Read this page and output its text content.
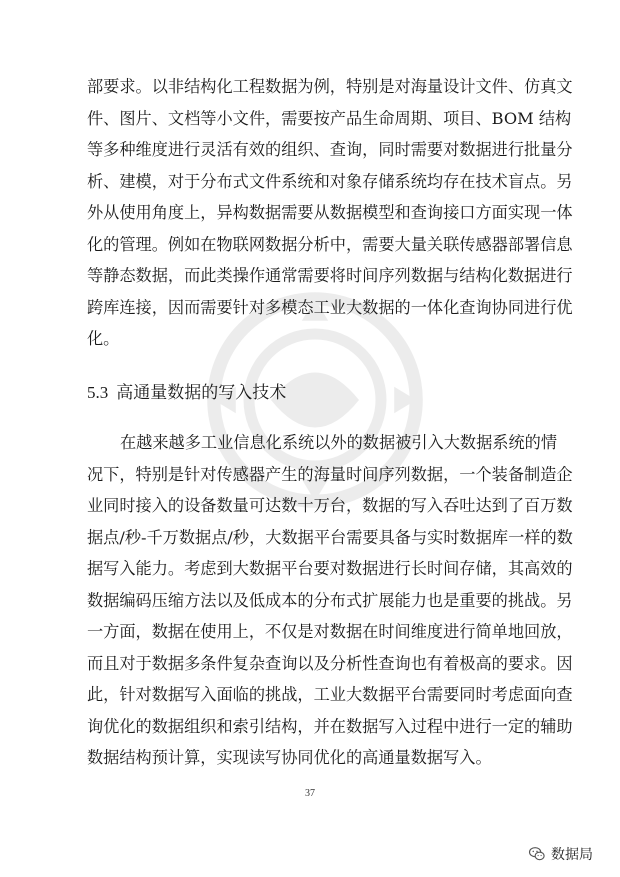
部要求。以非结构化工程数据为例，特别是对海量设计文件、仿真文
件、图片、文档等小文件，需要按产品生命周期、项目、BOM 结构
等多种维度进行灵活有效的组织、查询，同时需要对数据进行批量分
析、建模，对于分布式文件系统和对象存储系统均存在技术盲点。另
外从使用角度上，异构数据需要从数据模型和查询接口方面实现一体
化的管理。例如在物联网数据分析中，需要大量关联传感器部署信息
等静态数据，而此类操作通常需要将时间序列数据与结构化数据进行
跨库连接，因而需要针对多模态工业大数据的一体化查询协同进行优
化。
5.3 高通量数据的写入技术
在越来越多工业信息化系统以外的数据被引入大数据系统的情
况下，特别是针对传感器产生的海量时间序列数据，一个装备制造企
业同时接入的设备数量可达数十万台，数据的写入吞吐达到了百万数
据点/秒-千万数据点/秒，大数据平台需要具备与实时数据库一样的数
据写入能力。考虑到大数据平台要对数据进行长时间存储，其高效的
数据编码压缩方法以及低成本的分布式扩展能力也是重要的挑战。另
一方面，数据在使用上，不仅是对数据在时间维度进行简单地回放，
而且对于数据多条件复杂查询以及分析性查询也有着极高的要求。因
此，针对数据写入面临的挑战，工业大数据平台需要同时考虑面向查
询优化的数据组织和索引结构，并在数据写入过程中进行一定的辅助
数据结构预计算，实现读写协同优化的高通量数据写入。
37
数据局
